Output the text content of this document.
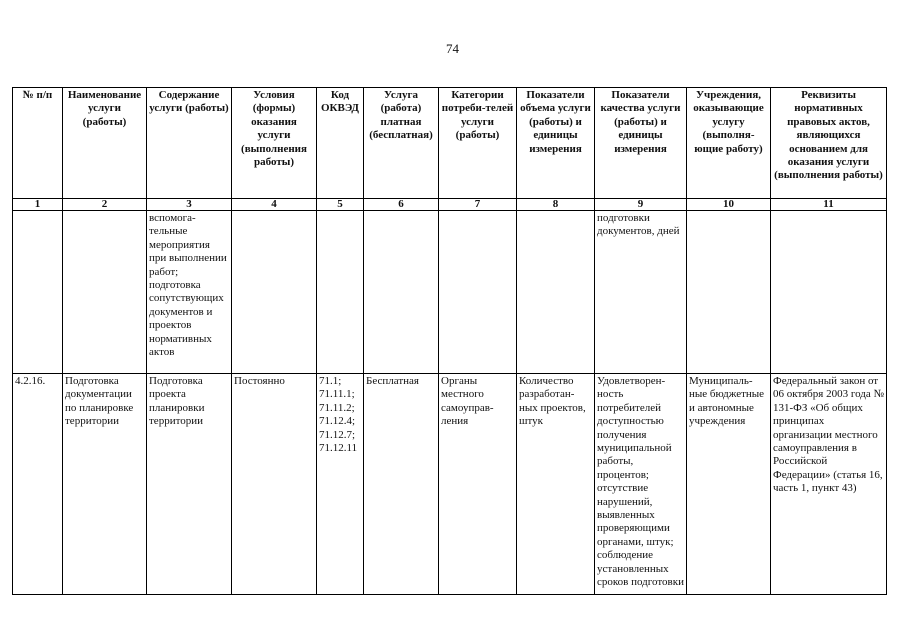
74
№ п/п	Наименование услуги (работы)	Содержание услуги (работы)	Условия (формы) оказания услуги (выполнения работы)	Код ОКВЭД	Услуга (работа) платная (бесплатная)	Категории потреби-телей услуги (работы)	Показатели объема услуги (работы) и единицы измерения	Показатели качества услуги (работы) и единицы измерения	Учреждения, оказывающие услугу (выполня-ющие работу)	Реквизиты нормативных правовых актов, являющихся основанием для оказания услуги (выполнения работы)
1	2	3	4	5	6	7	8	9	10	11
		вспомога-тельные мероприятия при выполнении работ; подготовка сопутствующих документов и проектов нормативных актов						подготовки документов, дней		
4.2.16.	Подготовка документации по планировке территории	Подготовка проекта планировки территории	Постоянно	71.1; 71.11.1; 71.11.2; 71.12.4; 71.12.7; 71.12.11	Бесплатная	Органы местного самоуправ-ления	Количество разработан-ных проектов, штук	Удовлетворен-ность потребителей доступностью получения муниципальной работы, процентов; отсутствие нарушений, выявленных проверяющими органами, штук; соблюдение установленных сроков подготовки	Муниципаль-ные бюджетные и автономные учреждения	Федеральный закон от 06 октября 2003 года № 131-ФЗ «Об общих принципах организации местного самоуправления в Российской Федерации» (статья 16, часть 1, пункт 43)
